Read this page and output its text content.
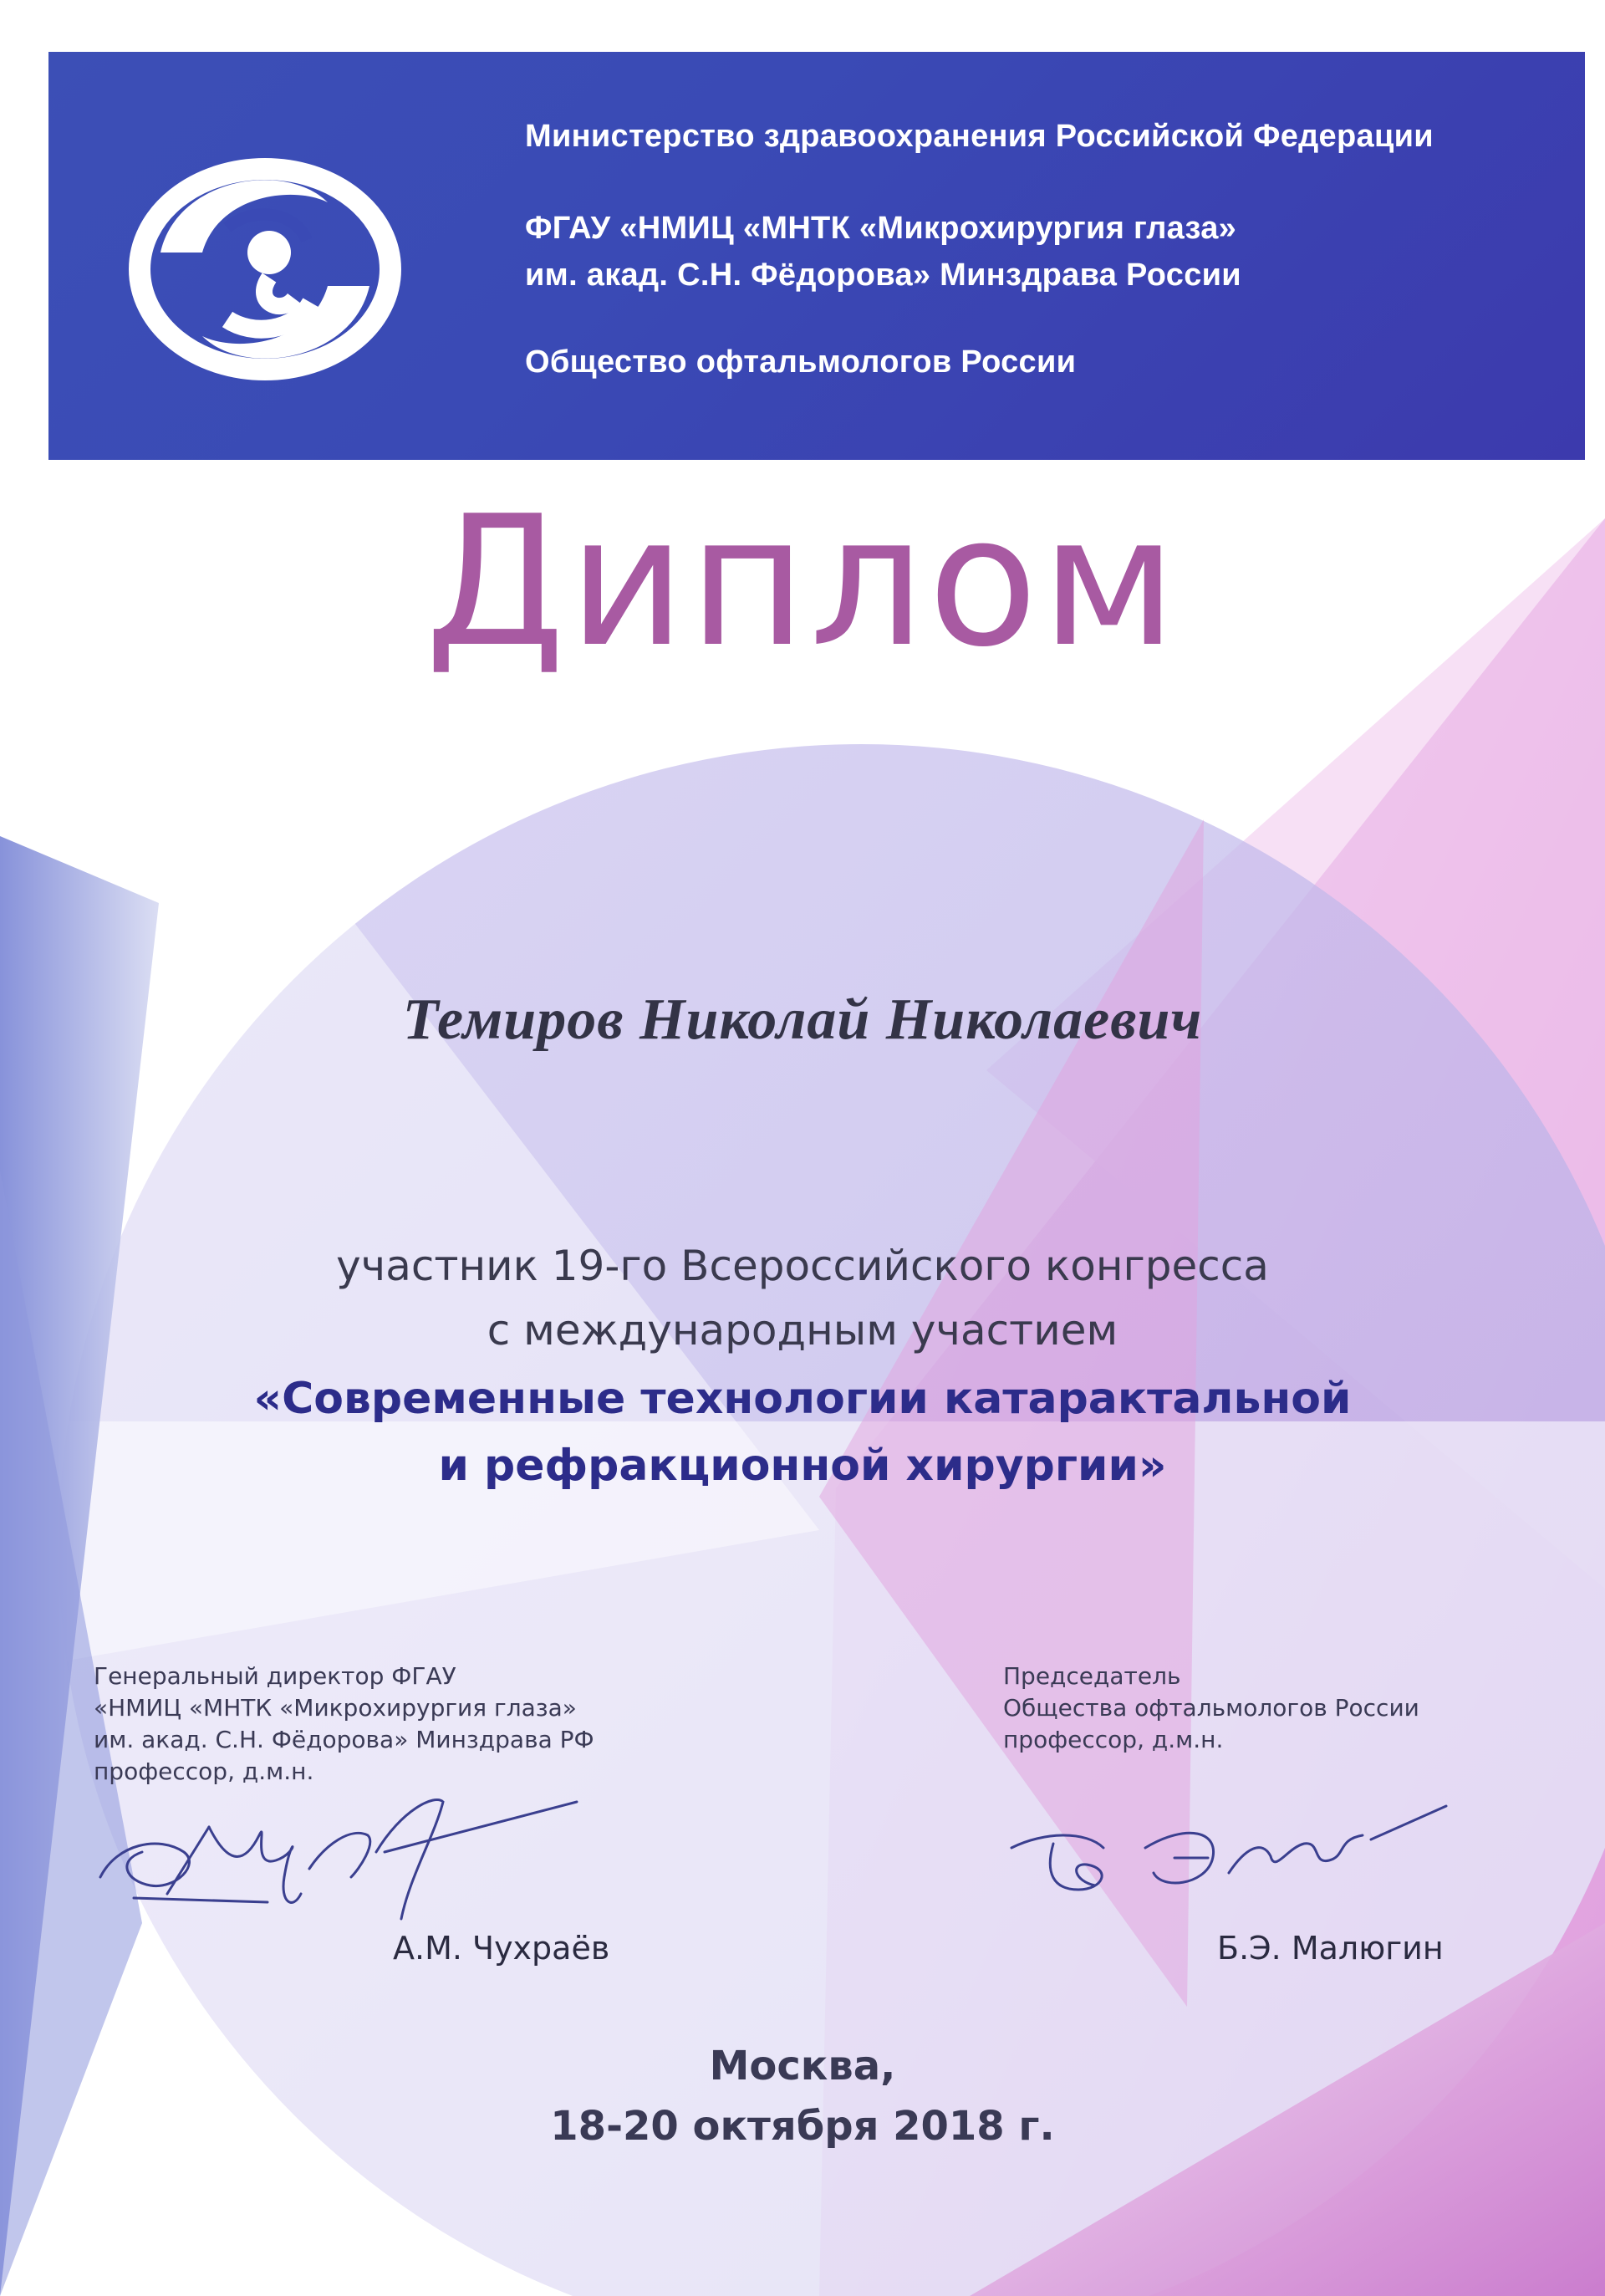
Министерство здравоохранения Российской Федерации
ФГАУ «НМИЦ «МНТК «Микрохирургия глаза»
им. акад. С.Н. Фёдорова» Минздрава России
Общество офтальмологов России
Диплом
Темиров Николай Николаевич
участник 19-го Всероссийского конгресса
с международным участием
«Современные технологии катарактальной
и рефракционной хирургии»
Генеральный директор ФГАУ
«НМИЦ «МНТК «Микрохирургия глаза»
им. акад. С.Н. Фёдорова» Минздрава РФ
профессор, д.м.н.
А.М. Чухраёв
Председатель
Общества офтальмологов России
профессор, д.м.н.
Б.Э. Малюгин
Москва,
18-20 октября 2018 г.
